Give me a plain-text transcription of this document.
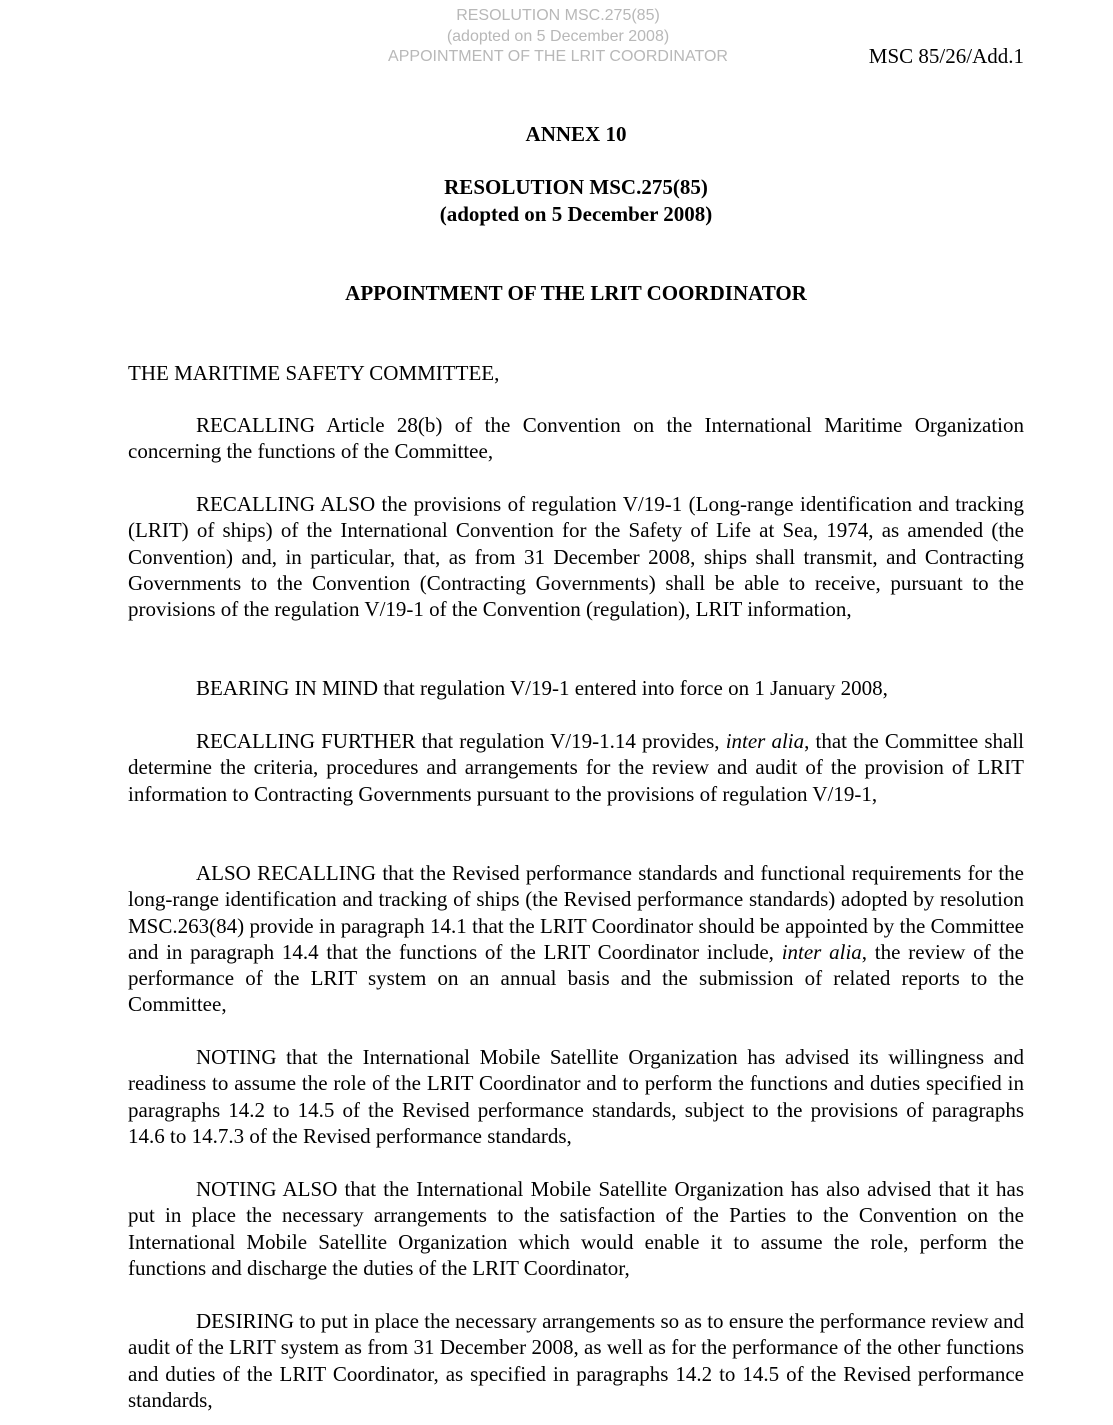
RESOLUTION MSC.275(85)
(adopted on 5 December 2008)
APPOINTMENT OF THE LRIT COORDINATOR	MSC 85/26/Add.1
ANNEX 10
RESOLUTION MSC.275(85)
(adopted on 5 December 2008)
APPOINTMENT OF THE LRIT COORDINATOR
THE MARITIME SAFETY COMMITTEE,
RECALLING Article 28(b) of the Convention on the International Maritime Organization concerning the functions of the Committee,
RECALLING ALSO the provisions of regulation V/19-1 (Long-range identification and tracking (LRIT) of ships) of the International Convention for the Safety of Life at Sea, 1974, as amended (the Convention) and, in particular, that, as from 31 December 2008, ships shall transmit, and Contracting Governments to the Convention (Contracting Governments) shall be able to receive, pursuant to the provisions of the regulation V/19-1 of the Convention (regulation), LRIT information,
BEARING IN MIND that regulation V/19-1 entered into force on 1 January 2008,
RECALLING FURTHER that regulation V/19-1.14 provides, inter alia, that the Committee shall determine the criteria, procedures and arrangements for the review and audit of the provision of LRIT information to Contracting Governments pursuant to the provisions of regulation V/19-1,
ALSO RECALLING that the Revised performance standards and functional requirements for the long-range identification and tracking of ships (the Revised performance standards) adopted by resolution MSC.263(84) provide in paragraph 14.1 that the LRIT Coordinator should be appointed by the Committee and in paragraph 14.4 that the functions of the LRIT Coordinator include, inter alia, the review of the performance of the LRIT system on an annual basis and the submission of related reports to the Committee,
NOTING that the International Mobile Satellite Organization has advised its willingness and readiness to assume the role of the LRIT Coordinator and to perform the functions and duties specified in paragraphs 14.2 to 14.5 of the Revised performance standards, subject to the provisions of paragraphs 14.6 to 14.7.3 of the Revised performance standards,
NOTING ALSO that the International Mobile Satellite Organization has also advised that it has put in place the necessary arrangements to the satisfaction of the Parties to the Convention on the International Mobile Satellite Organization which would enable it to assume the role, perform the functions and discharge the duties of the LRIT Coordinator,
DESIRING to put in place the necessary arrangements so as to ensure the performance review and audit of the LRIT system as from 31 December 2008, as well as for the performance of the other functions and duties of the LRIT Coordinator, as specified in paragraphs 14.2 to 14.5 of the Revised performance standards,
